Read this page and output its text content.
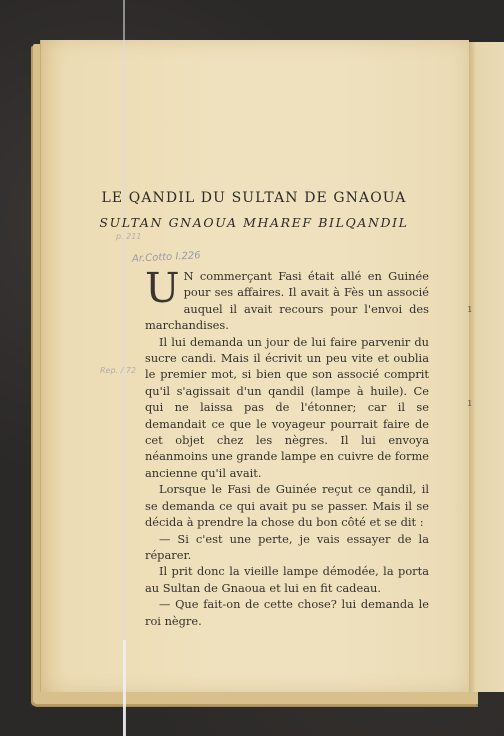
LE QANDIL DU SULTAN DE GNAOUA
SULTAN GNAOUA MHAREF BILQANDIL
Ar.Cotto I.226
p. 211
Rep. / 72
ı
ı

U N commerçant Fasi était allé en Guinée pour ses affaires. Il avait à Fès un associé auquel il avait recours pour l'envoi des marchandises.

Il lui demanda un jour de lui faire parvenir du sucre candi. Mais il écrivit un peu vite et oublia le premier mot, si bien que son associé comprit qu'il s'agissait d'un qandil (lampe à huile). Ce qui ne laissa pas de l'étonner; car il se demandait ce que le voyageur pourrait faire de cet objet chez les nègres. Il lui envoya néanmoins une grande lampe en cuivre de forme ancienne qu'il avait.

Lorsque le Fasi de Guinée reçut ce qandil, il se demanda ce qui avait pu se passer. Mais il se décida à prendre la chose du bon côté et se dit :

— Si c'est une perte, je vais essayer de la réparer.

Il prit donc la vieille lampe démodée, la porta au Sultan de Gnaoua et lui en fit cadeau.

— Que fait-on de cette chose? lui demanda le roi nègre.
